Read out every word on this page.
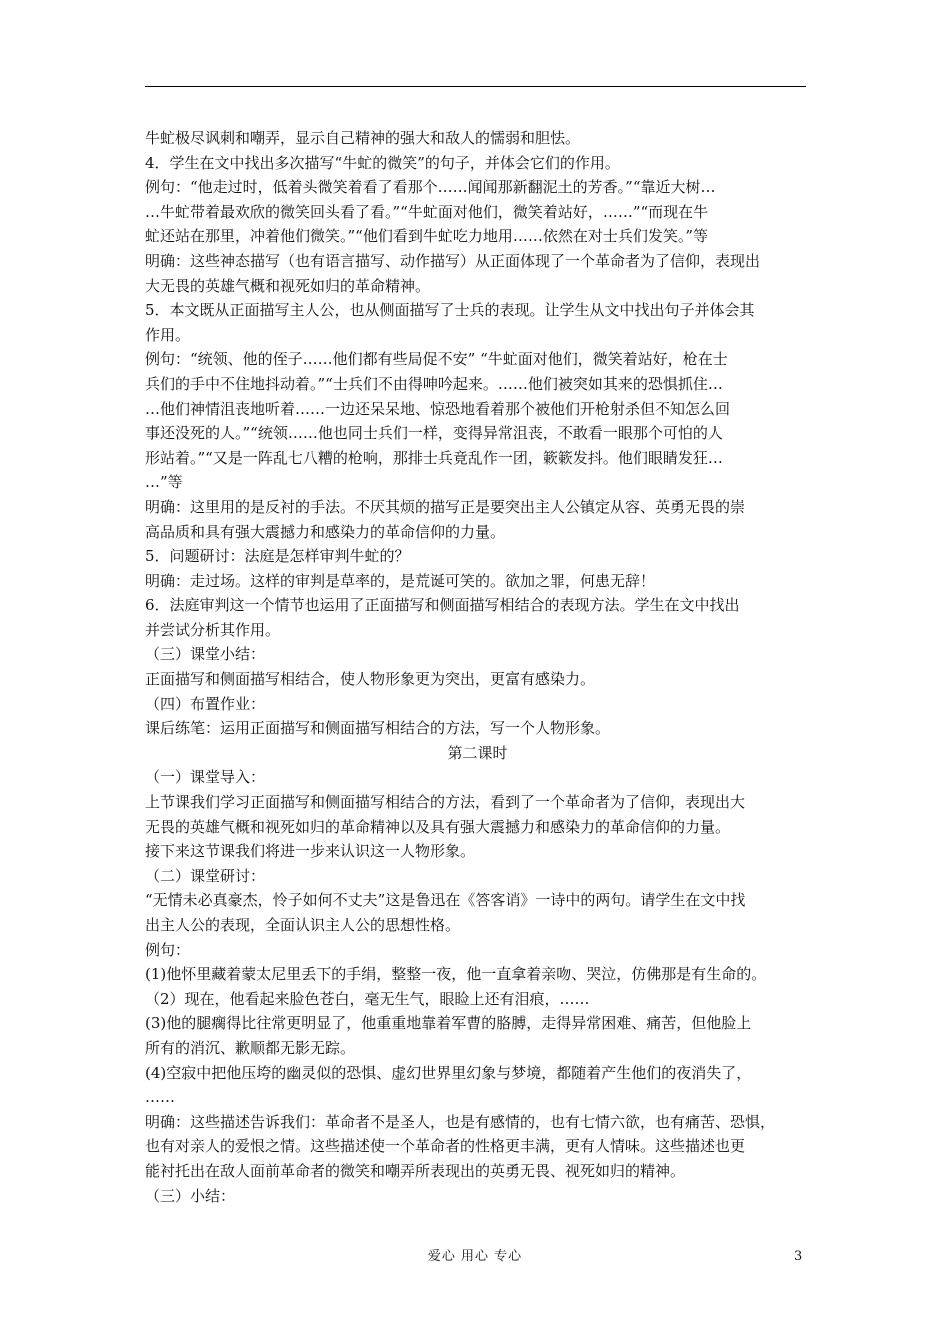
牛虻极尽讽刺和嘲弄，显示自己精神的强大和敌人的懦弱和胆怯。
4．学生在文中找出多次描写“牛虻的微笑”的句子，并体会它们的作用。
例句：“他走过时，低着头微笑着看了看那个……闻闻那新翻泥土的芳香。”“靠近大树…
…牛虻带着最欢欣的微笑回头看了看。”“牛虻面对他们，微笑着站好，……”“而现在牛
虻还站在那里，冲着他们微笑。”“他们看到牛虻吃力地用……依然在对士兵们发笑。”等
明确：这些神态描写（也有语言描写、动作描写）从正面体现了一个革命者为了信仰，表现出
大无畏的英雄气概和视死如归的革命精神。
5．本文既从正面描写主人公，也从侧面描写了士兵的表现。让学生从文中找出句子并体会其
作用。
例句：“统领、他的侄子……他们都有些局促不安” “牛虻面对他们，微笑着站好，枪在士
兵们的手中不住地抖动着。”“士兵们不由得呻吟起来。……他们被突如其来的恐惧抓住…
…他们神情沮丧地听着……一边还呆呆地、惊恐地看着那个被他们开枪射杀但不知怎么回
事还没死的人。”“统领……他也同士兵们一样，变得异常沮丧，不敢看一眼那个可怕的人
形站着。”“又是一阵乱七八糟的枪响，那排士兵竟乱作一团，簌簌发抖。他们眼睛发狂…
…”等
明确：这里用的是反衬的手法。不厌其烦的描写正是要突出主人公镇定从容、英勇无畏的崇
高品质和具有强大震撼力和感染力的革命信仰的力量。
5．问题研讨：法庭是怎样审判牛虻的？
明确：走过场。这样的审判是草率的，是荒诞可笑的。欲加之罪，何患无辞！
6．法庭审判这一个情节也运用了正面描写和侧面描写相结合的表现方法。学生在文中找出
并尝试分析其作用。
（三）课堂小结：
正面描写和侧面描写相结合，使人物形象更为突出，更富有感染力。
（四）布置作业：
课后练笔：运用正面描写和侧面描写相结合的方法，写一个人物形象。
第二课时
（一）课堂导入：
上节课我们学习正面描写和侧面描写相结合的方法，看到了一个革命者为了信仰，表现出大
无畏的英雄气概和视死如归的革命精神以及具有强大震撼力和感染力的革命信仰的力量。
接下来这节课我们将进一步来认识这一人物形象。
（二）课堂研讨：
“无情未必真豪杰，怜子如何不丈夫”这是鲁迅在《答客诮》一诗中的两句。请学生在文中找
出主人公的表现，全面认识主人公的思想性格。
例句：
(1)他怀里藏着蒙太尼里丢下的手绢，整整一夜，他一直拿着亲吻、哭泣，仿佛那是有生命的。
（2）现在，他看起来脸色苍白，毫无生气，眼睑上还有泪痕，……
(3)他的腿瘸得比往常更明显了，他重重地靠着军曹的胳膊，走得异常困难、痛苦，但他脸上
所有的消沉、歉顺都无影无踪。
(4)空寂中把他压垮的幽灵似的恐惧、虚幻世界里幻象与梦境，都随着产生他们的夜消失了，
……
明确：这些描述告诉我们：革命者不是圣人，也是有感情的，也有七情六欲，也有痛苦、恐惧，
也有对亲人的爱恨之情。这些描述使一个革命者的性格更丰满，更有人情味。这些描述也更
能衬托出在敌人面前革命者的微笑和嘲弄所表现出的英勇无畏、视死如归的精神。
（三）小结：
爱心 用心 专心	3
